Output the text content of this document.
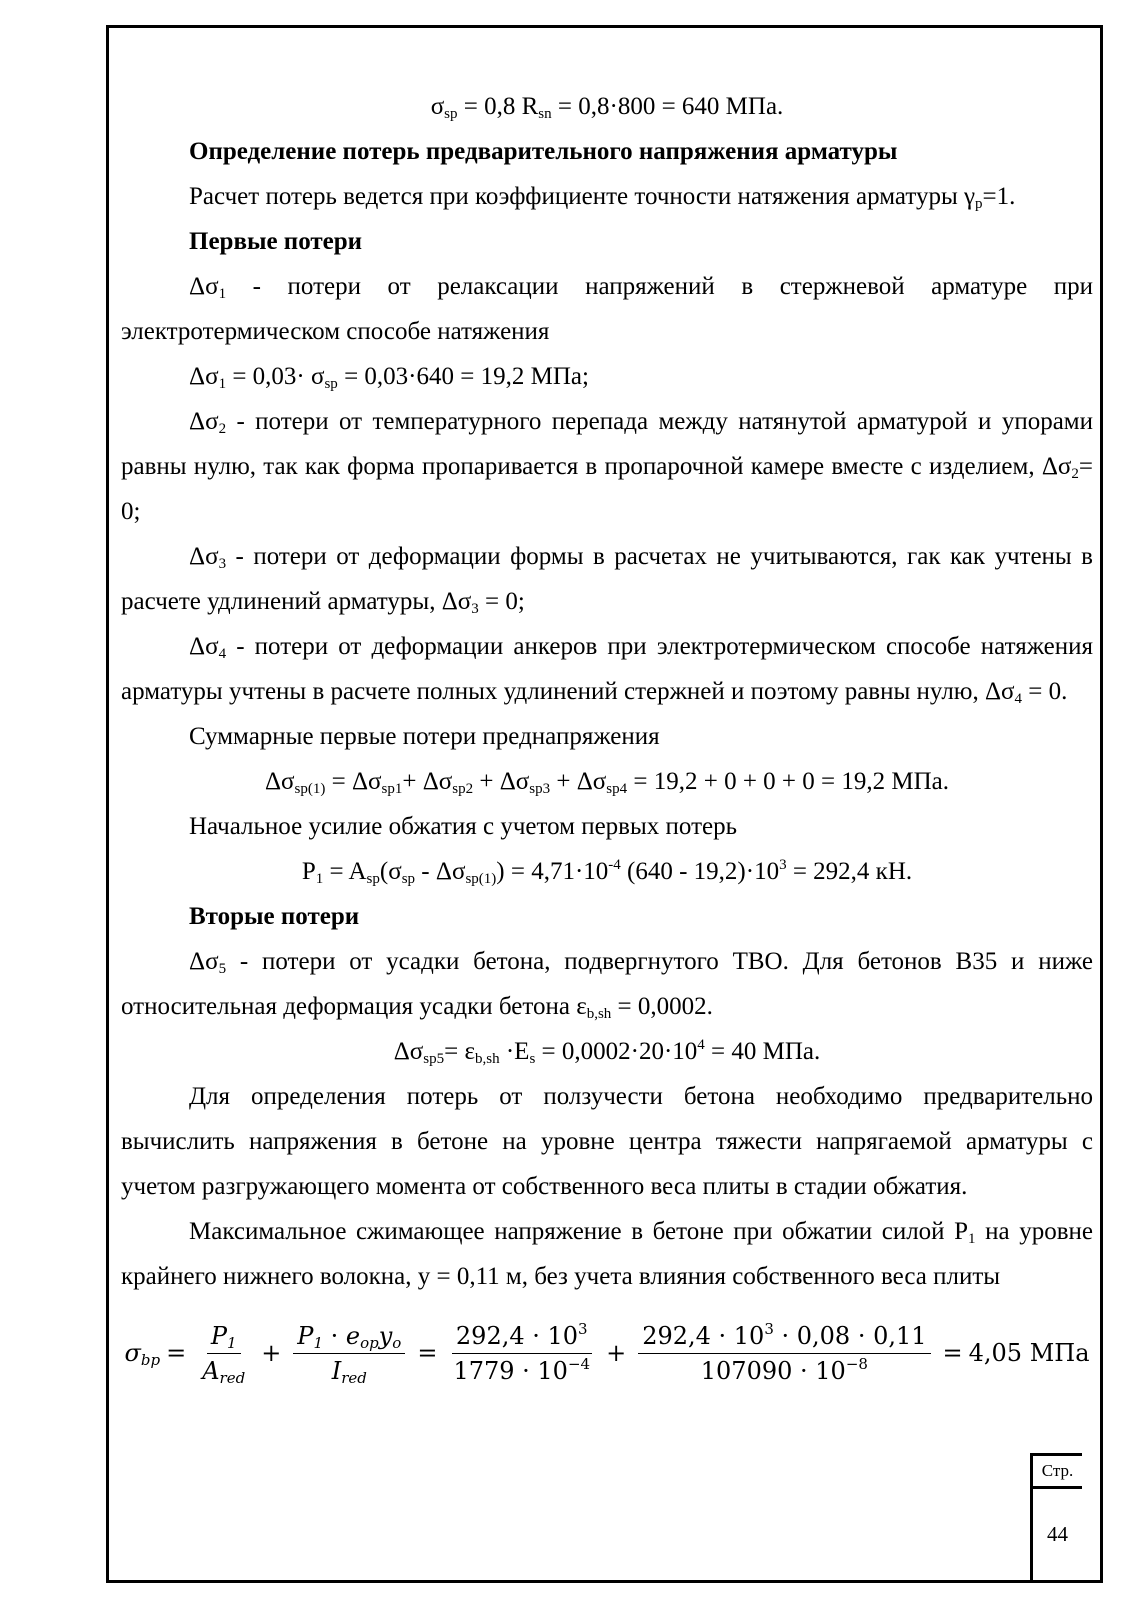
$\sigma_{sp} = 0,8$ $R_{sn} = 0,8\cdot 800 = 640$ МПа.

Определение потерь предварительного напряжения арматуры

Расчет потерь ведется при коэффициенте точности натяжения арматуры $\gamma_p=1$.

Первые потери

$\Delta\sigma_1$ - потери от релаксации напряжений в стержневой арматуре при электротермическом способе натяжения

$\Delta\sigma_1 = 0,03\cdot \sigma_{sp} = 0,03\cdot 640 = 19,2$ МПа;

$\Delta\sigma_2$ - потери от температурного перепада между натянутой арматурой и упорами равны нулю, так как форма пропаривается в пропарочной камере вместе с изделием, $\Delta\sigma_2= 0$;

$\Delta\sigma_3$ - потери от деформации формы в расчетах не учитываются, гак как учтены в расчете удлинений арматуры, $\Delta\sigma_3 = 0$;

$\Delta\sigma_4$ - потери от деформации анкеров при электротермическом способе натяжения арматуры учтены в расчете полных удлинений стержней и поэтому равны нулю, $\Delta\sigma_4 = 0$.

Суммарные первые потери преднапряжения

$\Delta\sigma_{sp(1)} = \Delta\sigma_{sp1}+ \Delta\sigma_{sp2} + \Delta\sigma_{sp3} + \Delta\sigma_{sp4} = 19,2 + 0 + 0 + 0 = 19,2$ МПа.

Начальное усилие обжатия с учетом первых потерь

$P_1 = A_{sp}(\sigma_{sp} - \Delta\sigma_{sp(1)}) = 4,71\cdot 10^{-4}$ $(640 - 19,2)\cdot 10^3 = 292,4$ кН.

Вторые потери

$\Delta\sigma_5$ - потери от усадки бетона, подвергнутого ТВО. Для бетонов В35 и ниже относительная деформация усадки бетона $\varepsilon_{b,sh} = 0,0002$.

$\Delta\sigma_{sp5}= \varepsilon_{b,sh} \cdot E_s = 0,0002\cdot 20\cdot 10^4 = 40$ МПа.

Для определения потерь от ползучести бетона необходимо предварительно вычислить напряжения в бетоне на уровне центра тяжести напрягаемой арматуры с учетом разгружающего момента от собственного веса плиты в стадии обжатия.

Максимальное сжимающее напряжение в бетоне при обжатии силой $P_1$ на уровне крайнего нижнего волокна, y = 0,11 м, без учета влияния собственного веса плиты

$\sigma_{bp} = \frac{P_1}{A_{red}} + \frac{P_1 \cdot e_{op}y_o}{I_{red}} = \frac{292,4 \cdot 10^3}{1779 \cdot 10^{-4}} + \frac{292,4 \cdot 10^3 \cdot 0,08 \cdot 0,11}{107090 \cdot 10^{-8}} = 4,05$ МПа
Стр.
44
